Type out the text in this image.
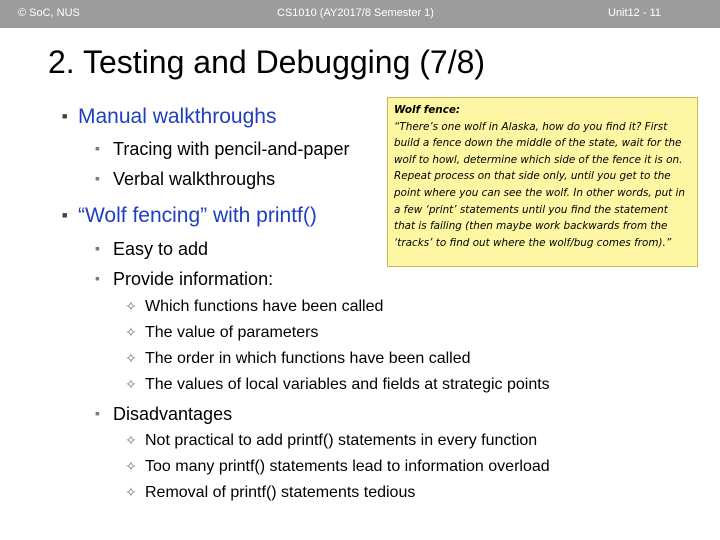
© SoC, NUS	CS1010 (AY2017/8 Semester 1)	Unit12 - 11
2. Testing and Debugging (7/8)
■ Manual walkthroughs
▪ Tracing with pencil-and-paper
▪ Verbal walkthroughs
■ “Wolf fencing” with printf()
▪ Easy to add
▪ Provide information:
✧ Which functions have been called
✧ The value of parameters
✧ The order in which functions have been called
✧ The values of local variables and fields at strategic points
▪ Disadvantages
✧ Not practical to add printf() statements in every function
✧ Too many printf() statements lead to information overload
✧ Removal of printf() statements tedious
Wolf fence:
“There’s one wolf in Alaska, how do you find it? First build a fence down the middle of the state, wait for the wolf to howl, determine which side of the fence it is on. Repeat process on that side only, until you get to the point where you can see the wolf. In other words, put in a few ‘print’ statements until you find the statement that is failing (then maybe work backwards from the ‘tracks’ to find out where the wolf/bug comes from).”
